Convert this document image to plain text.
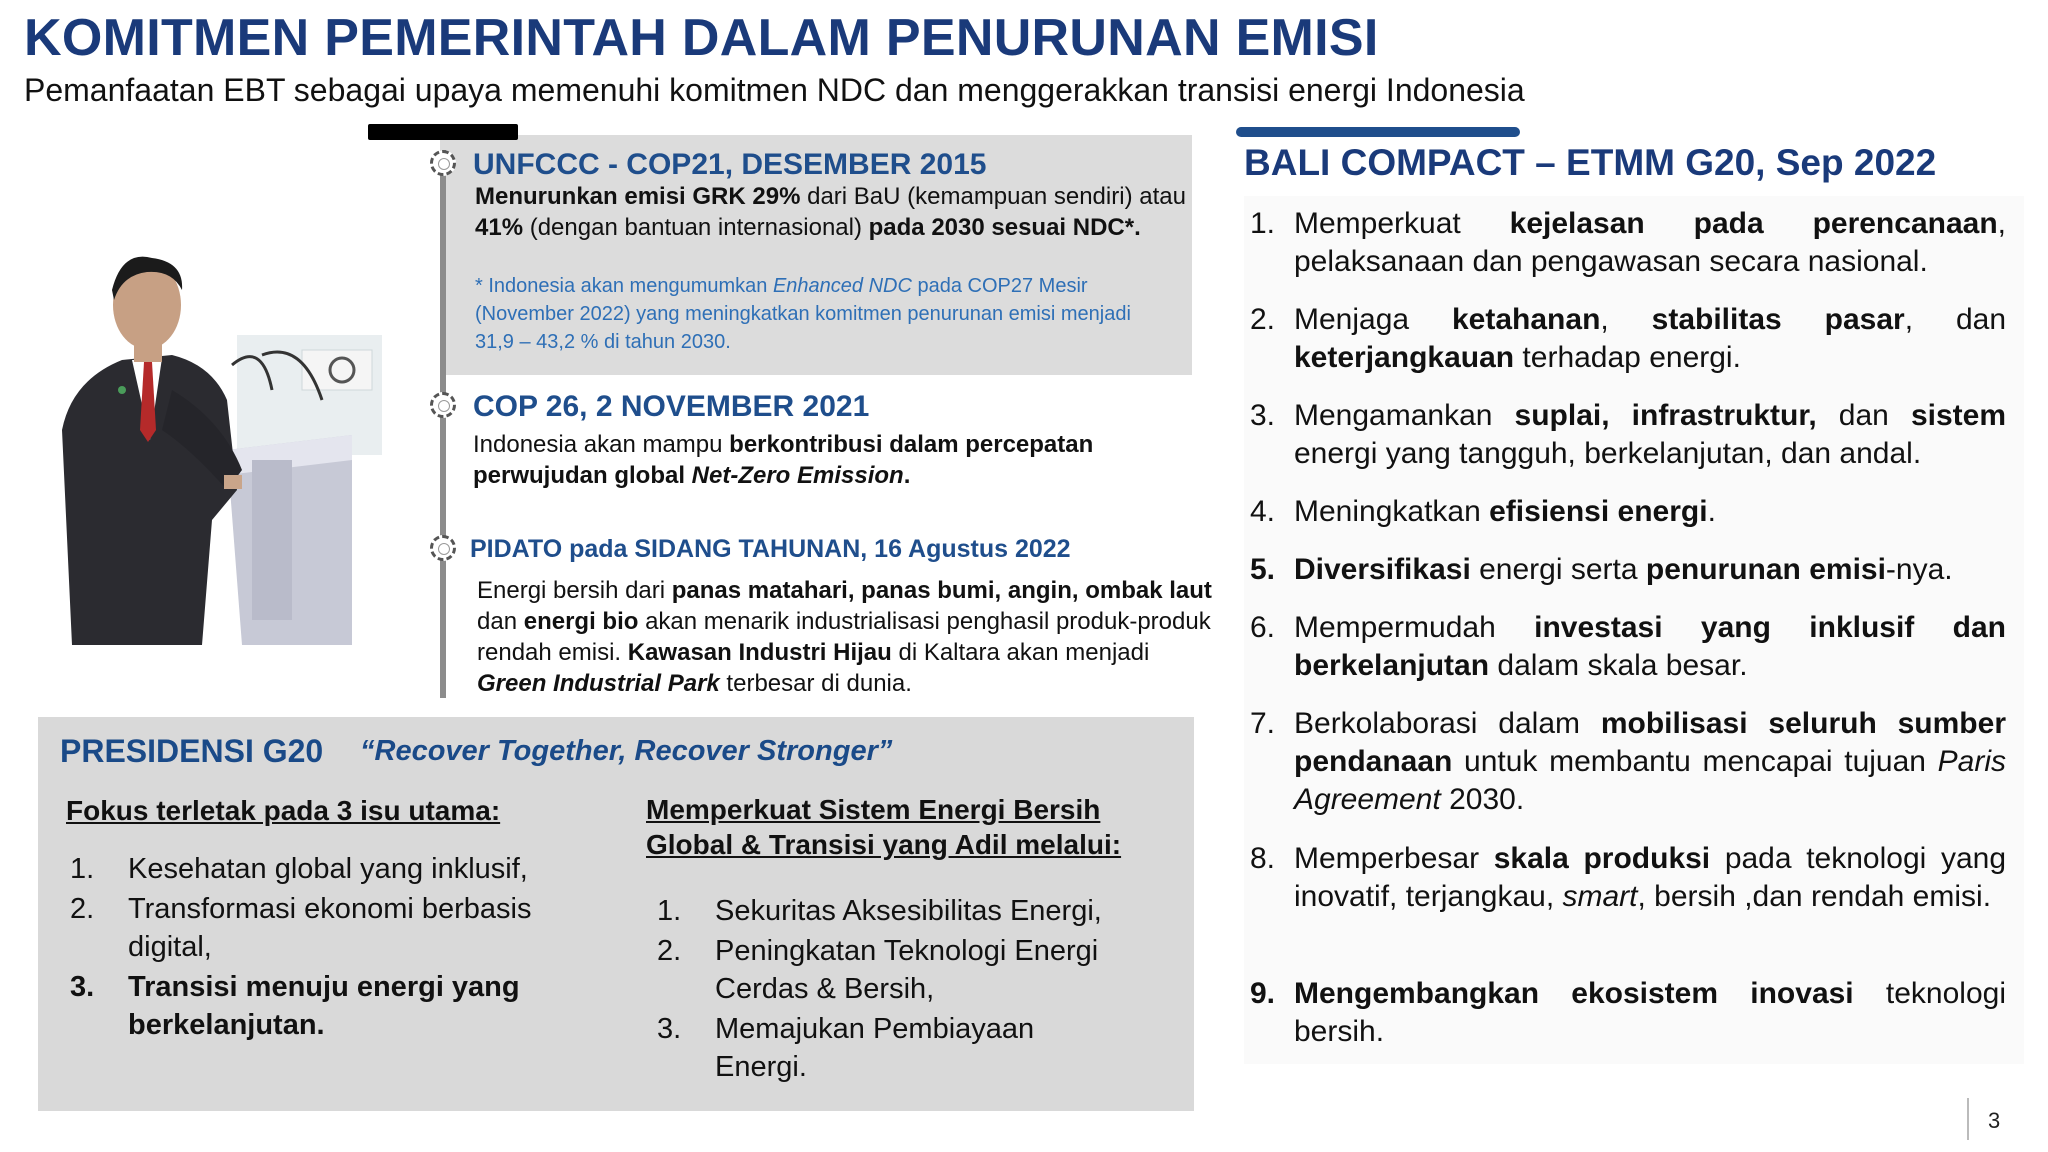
KOMITMEN PEMERINTAH DALAM PENURUNAN EMISI
Pemanfaatan EBT sebagai upaya memenuhi komitmen NDC dan menggerakkan transisi energi Indonesia
UNFCCC - COP21, DESEMBER 2015
Menurunkan emisi GRK 29% dari BaU (kemampuan sendiri) atau 41% (dengan bantuan internasional) pada 2030 sesuai NDC*.
* Indonesia akan mengumumkan Enhanced NDC pada COP27 Mesir (November 2022) yang meningkatkan komitmen penurunan emisi menjadi 31,9 – 43,2 % di tahun 2030.
COP 26, 2 NOVEMBER 2021
Indonesia akan mampu berkontribusi dalam percepatan perwujudan global Net-Zero Emission.
PIDATO pada SIDANG TAHUNAN, 16 Agustus 2022
Energi bersih dari panas matahari, panas bumi, angin, ombak laut dan energi bio akan menarik industrialisasi penghasil produk-produk rendah emisi. Kawasan Industri Hijau di Kaltara akan menjadi Green Industrial Park terbesar di dunia.
PRESIDENSI G20 “Recover Together, Recover Stronger”
Fokus terletak pada 3 isu utama:
1. Kesehatan global yang inklusif,
2. Transformasi ekonomi berbasis digital,
3. Transisi menuju energi yang berkelanjutan.
Memperkuat Sistem Energi Bersih
Global & Transisi yang Adil melalui:
1. Sekuritas Aksesibilitas Energi,
2. Peningkatan Teknologi Energi Cerdas & Bersih,
3. Memajukan Pembiayaan Energi.
BALI COMPACT – ETMM G20, Sep 2022
1. Memperkuat kejelasan pada perencanaan, pelaksanaan dan pengawasan secara nasional.
2. Menjaga ketahanan, stabilitas pasar, dan keterjangkauan terhadap energi.
3. Mengamankan suplai, infrastruktur, dan sistem energi yang tangguh, berkelanjutan, dan andal.
4. Meningkatkan efisiensi energi.
5. Diversifikasi energi serta penurunan emisi-nya.
6. Mempermudah investasi yang inklusif dan berkelanjutan dalam skala besar.
7. Berkolaborasi dalam mobilisasi seluruh sumber pendanaan untuk membantu mencapai tujuan Paris Agreement 2030.
8. Memperbesar skala produksi pada teknologi yang inovatif, terjangkau, smart, bersih ,dan rendah emisi.
9. Mengembangkan ekosistem inovasi teknologi bersih.
3
